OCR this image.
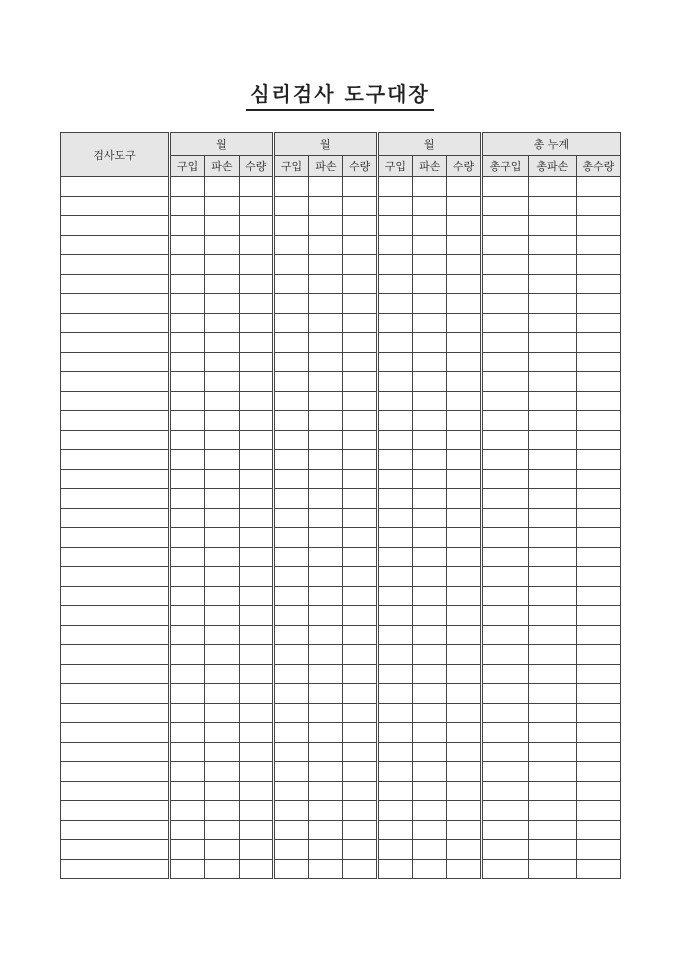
심리검사 도구대장
검사도구	월			월			월			총 누계		
	구입	파손	수량	구입	파손	수량	구입	파손	수량	총구입	총파손	총수량
